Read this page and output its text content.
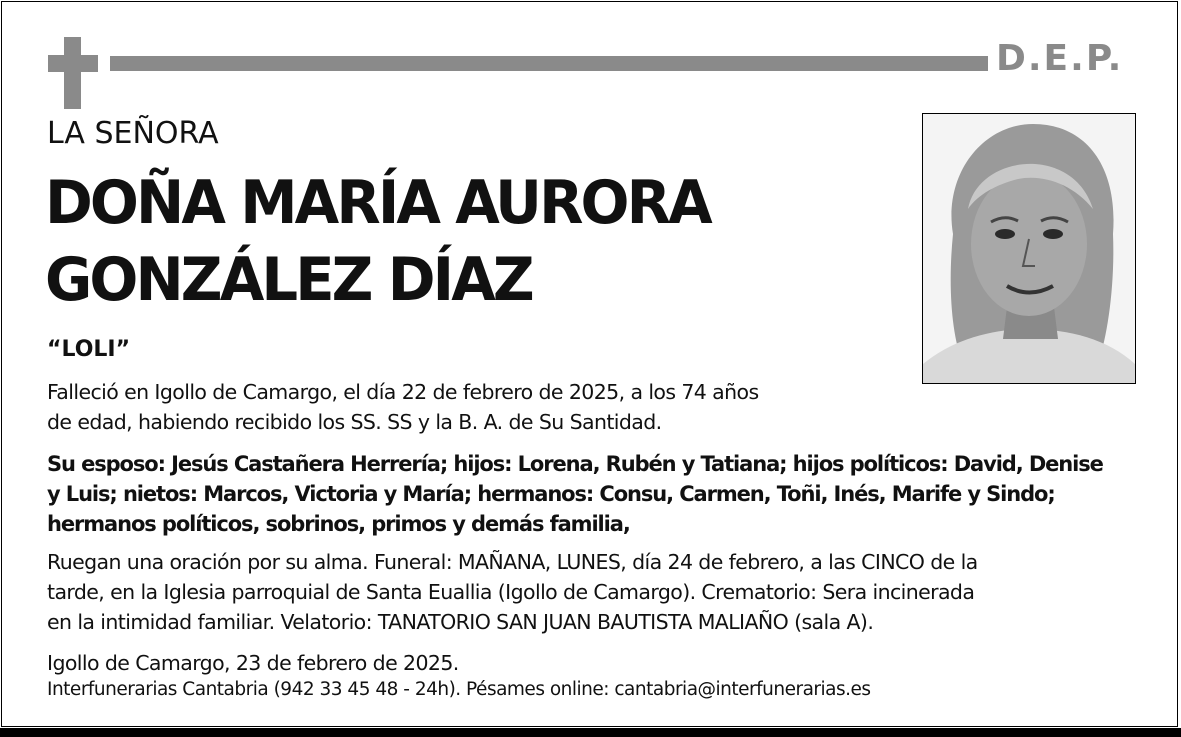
D.E.P.
LA SEÑORA
DOÑA MARÍA AURORA
GONZÁLEZ DÍAZ
“LOLI”
Falleció en Igollo de Camargo, el día 22 de febrero de 2025, a los 74 años
de edad, habiendo recibido los SS. SS y la B. A. de Su Santidad.
Su esposo: Jesús Castañera Herrería; hijos: Lorena, Rubén y Tatiana; hijos políticos: David, Denise
y Luis; nietos: Marcos, Victoria y María; hermanos: Consu, Carmen, Toñi, Inés, Marife y Sindo;
hermanos políticos, sobrinos, primos y demás familia,
Ruegan una oración por su alma. Funeral: MAÑANA, LUNES, día 24 de febrero, a las CINCO de la
tarde, en la Iglesia parroquial de Santa Euallia (Igollo de Camargo). Crematorio: Sera incinerada
en la intimidad familiar. Velatorio: TANATORIO SAN JUAN BAUTISTA MALIAÑO (sala A).
Igollo de Camargo, 23 de febrero de 2025.
Interfunerarias Cantabria (942 33 45 48 - 24h). Pésames online: cantabria@interfunerarias.es
